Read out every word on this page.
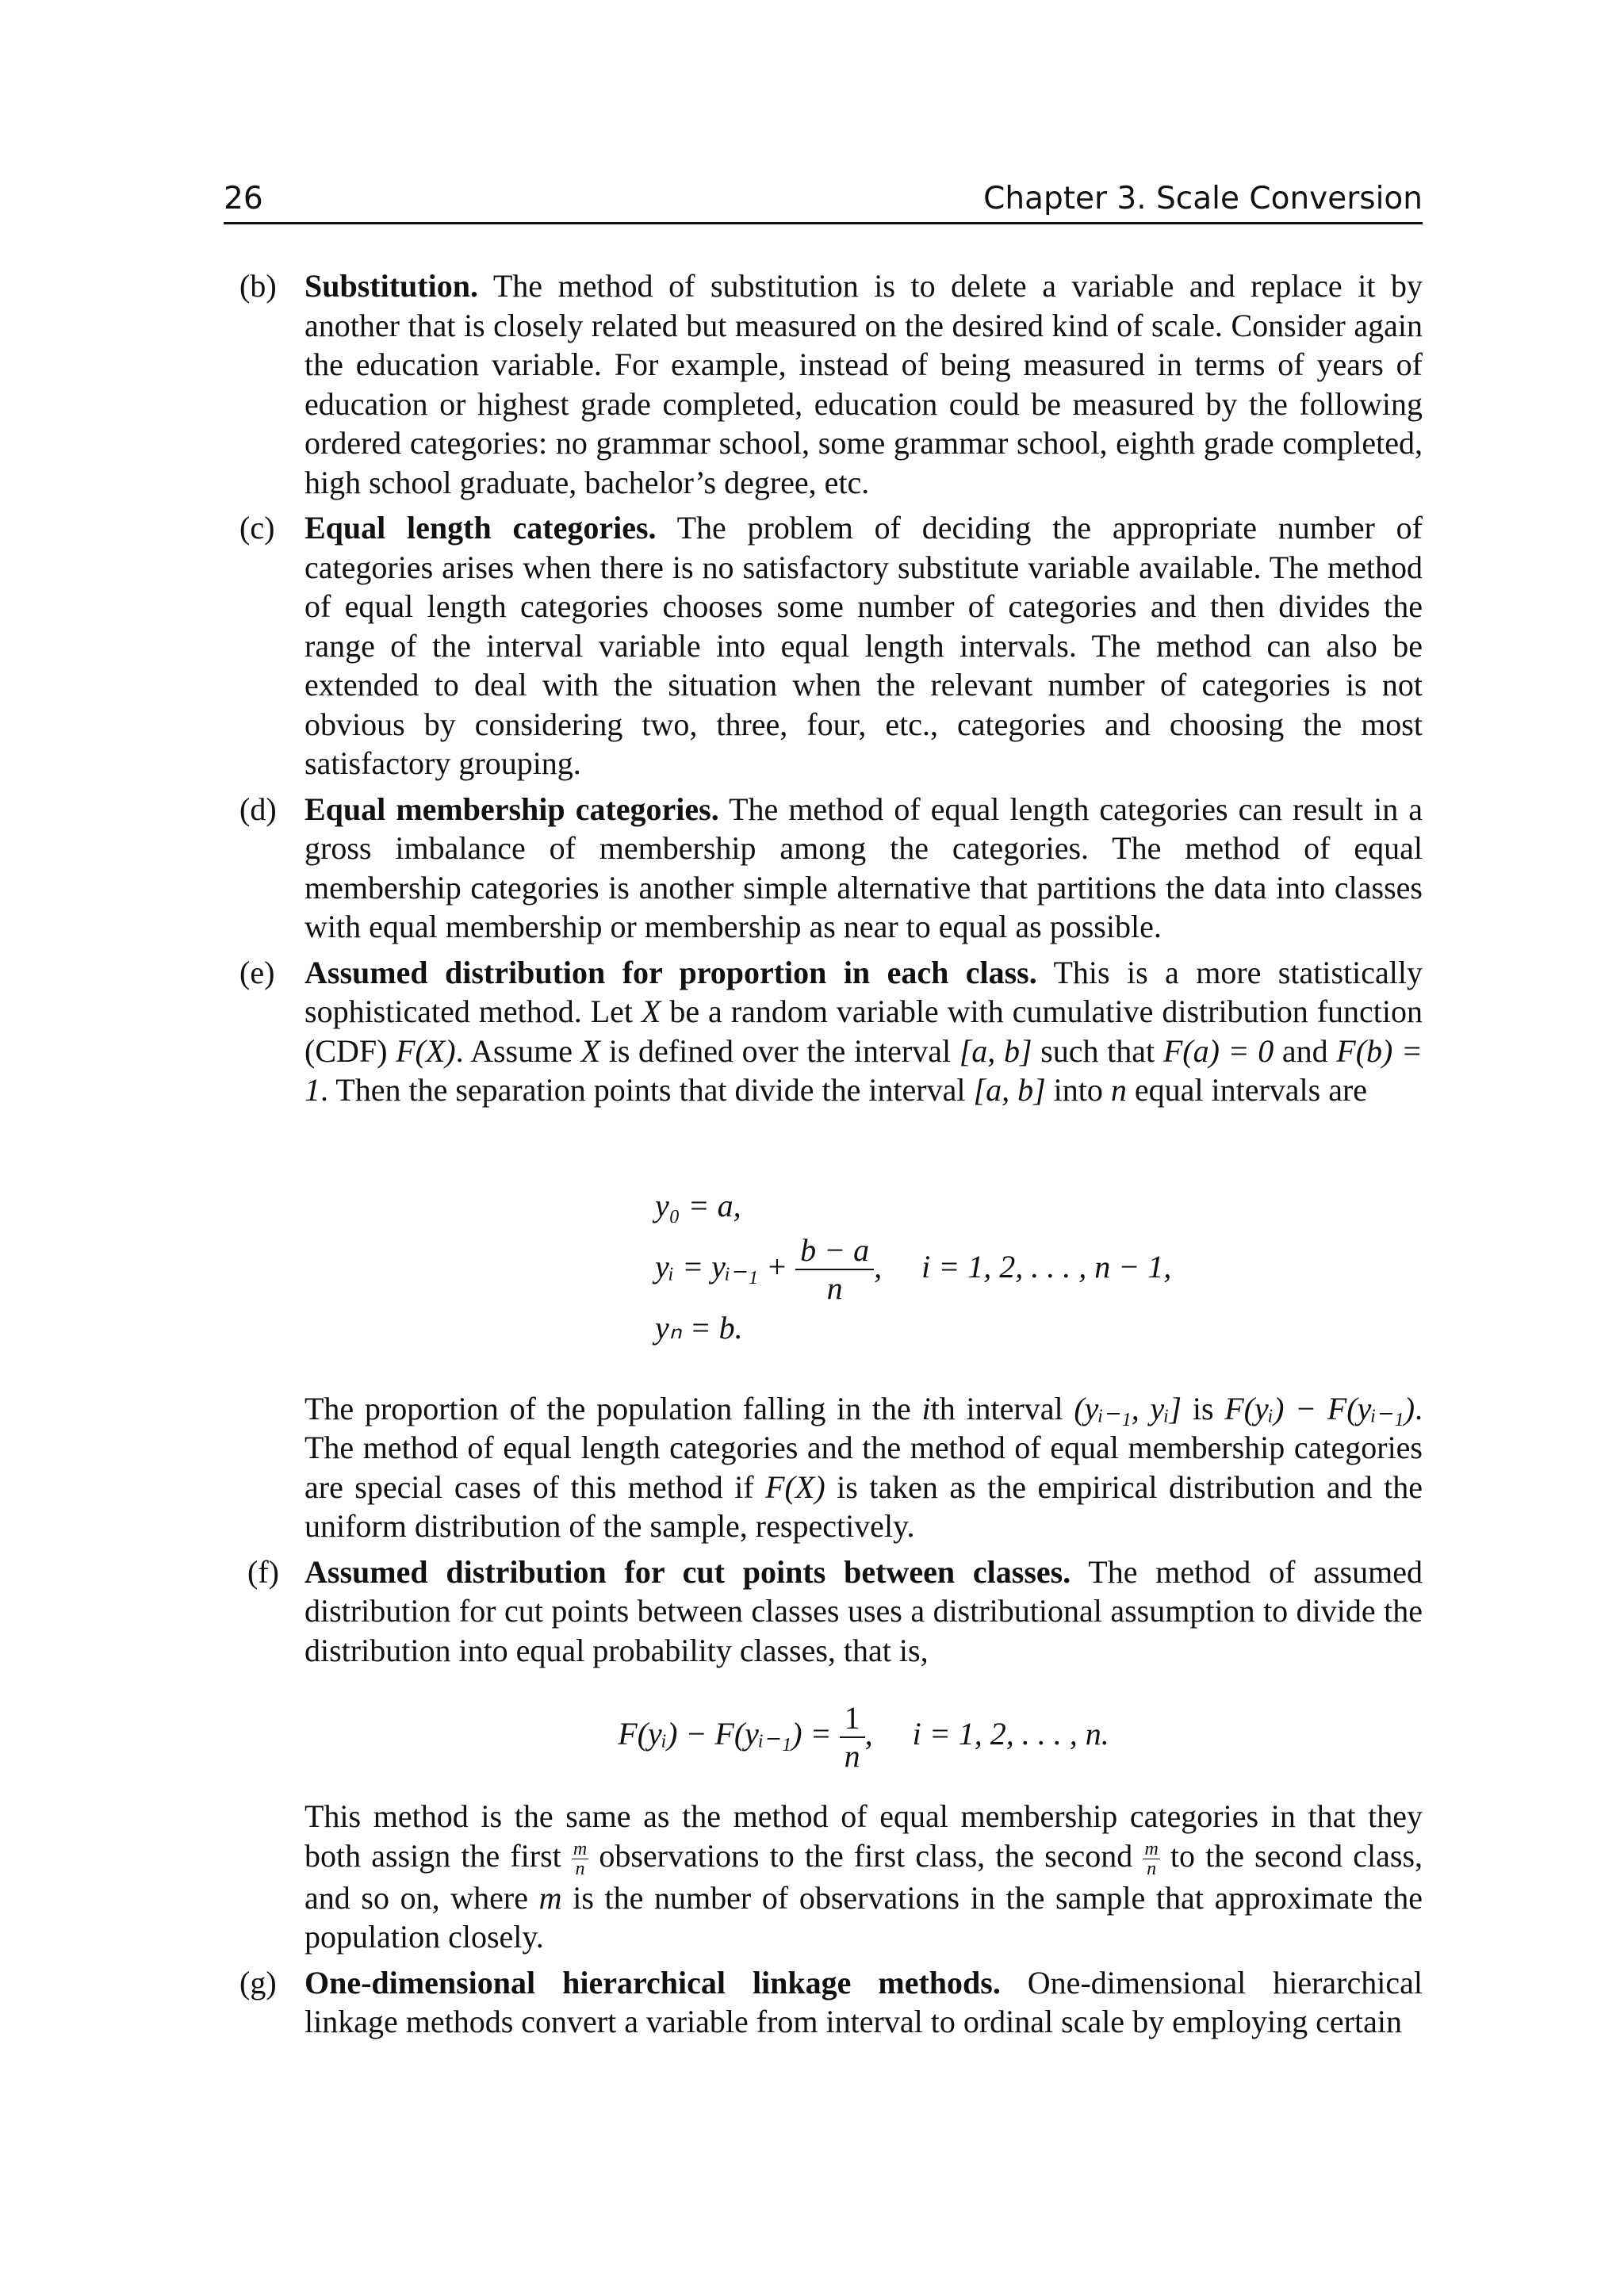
26	Chapter 3. Scale Conversion
(b) Substitution. The method of substitution is to delete a variable and replace it by another that is closely related but measured on the desired kind of scale. Consider again the education variable. For example, instead of being measured in terms of years of education or highest grade completed, education could be measured by the following ordered categories: no grammar school, some grammar school, eighth grade completed, high school graduate, bachelor’s degree, etc.
(c) Equal length categories. The problem of deciding the appropriate number of categories arises when there is no satisfactory substitute variable available. The method of equal length categories chooses some number of categories and then divides the range of the interval variable into equal length intervals. The method can also be extended to deal with the situation when the relevant number of categories is not obvious by considering two, three, four, etc., categories and choosing the most satisfactory grouping.
(d) Equal membership categories. The method of equal length categories can result in a gross imbalance of membership among the categories. The method of equal membership categories is another simple alternative that partitions the data into classes with equal membership or membership as near to equal as possible.
(e) Assumed distribution for proportion in each class. This is a more statistically sophisticated method. Let X be a random variable with cumulative distribution function (CDF) F(X). Assume X is defined over the interval [a, b] such that F(a) = 0 and F(b) = 1. Then the separation points that divide the interval [a, b] into n equal intervals are
y₀ = a,
yᵢ = yᵢ₋₁ + $\frac{b - a}{n}$ ,     i = 1, 2, . . . , n − 1,
yₙ = b.
The proportion of the population falling in the ith interval (yᵢ₋₁, yᵢ] is F(yᵢ) − F(yᵢ₋₁). The method of equal length categories and the method of equal membership categories are special cases of this method if F(X) is taken as the empirical distribution and the uniform distribution of the sample, respectively.
(f) Assumed distribution for cut points between classes. The method of assumed distribution for cut points between classes uses a distributional assumption to divide the distribution into equal probability classes, that is,
F(yᵢ) − F(yᵢ₋₁) = $\frac{1}{n}$ ,     i = 1, 2, . . . , n.
This method is the same as the method of equal membership categories in that they both assign the first $\frac{m}{n}$ observations to the first class, the second $\frac{m}{n}$ to the second class, and so on, where m is the number of observations in the sample that approximate the population closely.
(g) One-dimensional hierarchical linkage methods. One-dimensional hierarchical linkage methods convert a variable from interval to ordinal scale by employing certain
